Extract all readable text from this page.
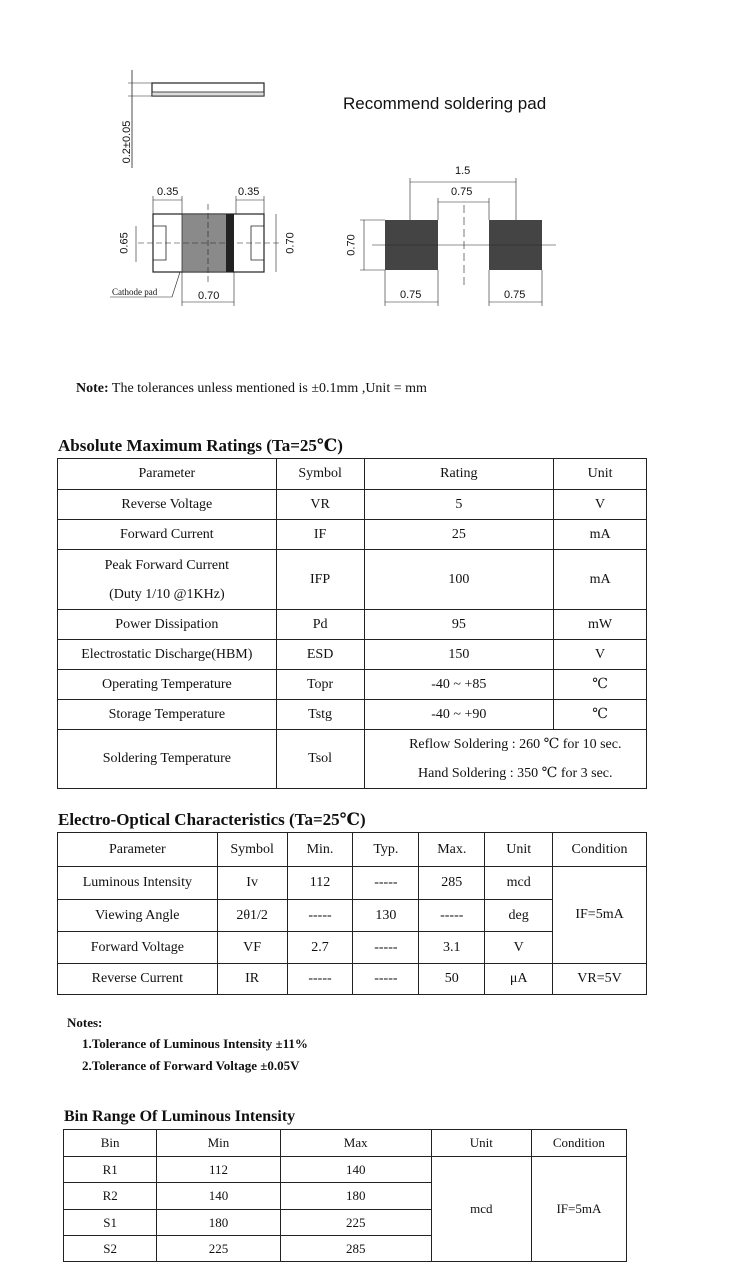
0.2±0.05
0.35	0.35
0.65	0.70
0.70
Cathode pad
Recommend soldering pad
1.5
0.75
0.70
0.75	0.75
Note: The tolerances unless mentioned is ±0.1mm ,Unit = mm
Absolute Maximum Ratings (Ta=25℃)
Parameter	Symbol	Rating	Unit
Reverse Voltage	VR	5	V
Forward Current	IF	25	mA

Peak Forward Current
(Duty 1/10 @1KHz)	IFP	100	mA
Power Dissipation	Pd	95	mW
Electrostatic Discharge(HBM)	ESD	150	V
Operating Temperature	Topr	-40 ~ +85	℃
Storage Temperature	Tstg	-40 ~ +90	℃
Soldering Temperature	Tsol	Reflow Soldering : 260 ℃ for 10 sec.
Hand Soldering : 350 ℃ for 3 sec.	
Electro-Optical Characteristics (Ta=25℃)
Parameter	Symbol	Min.	Typ.	Max.	Unit	Condition
Luminous Intensity	Iv	112	-----	285	mcd	IF=5mA
Viewing Angle	2θ1/2	-----	130	-----	deg	
Forward Voltage	VF	2.7	-----	3.1	V	
Reverse Current	IR	-----	-----	50	μA	VR=5V
Notes:
1.Tolerance of Luminous Intensity ±11%
2.Tolerance of Forward Voltage ±0.05V
Bin Range Of Luminous Intensity
Bin	Min	Max	Unit	Condition
R1	112	140	mcd	IF=5mA
R2	140	180		
S1	180	225		
S2	225	285		
